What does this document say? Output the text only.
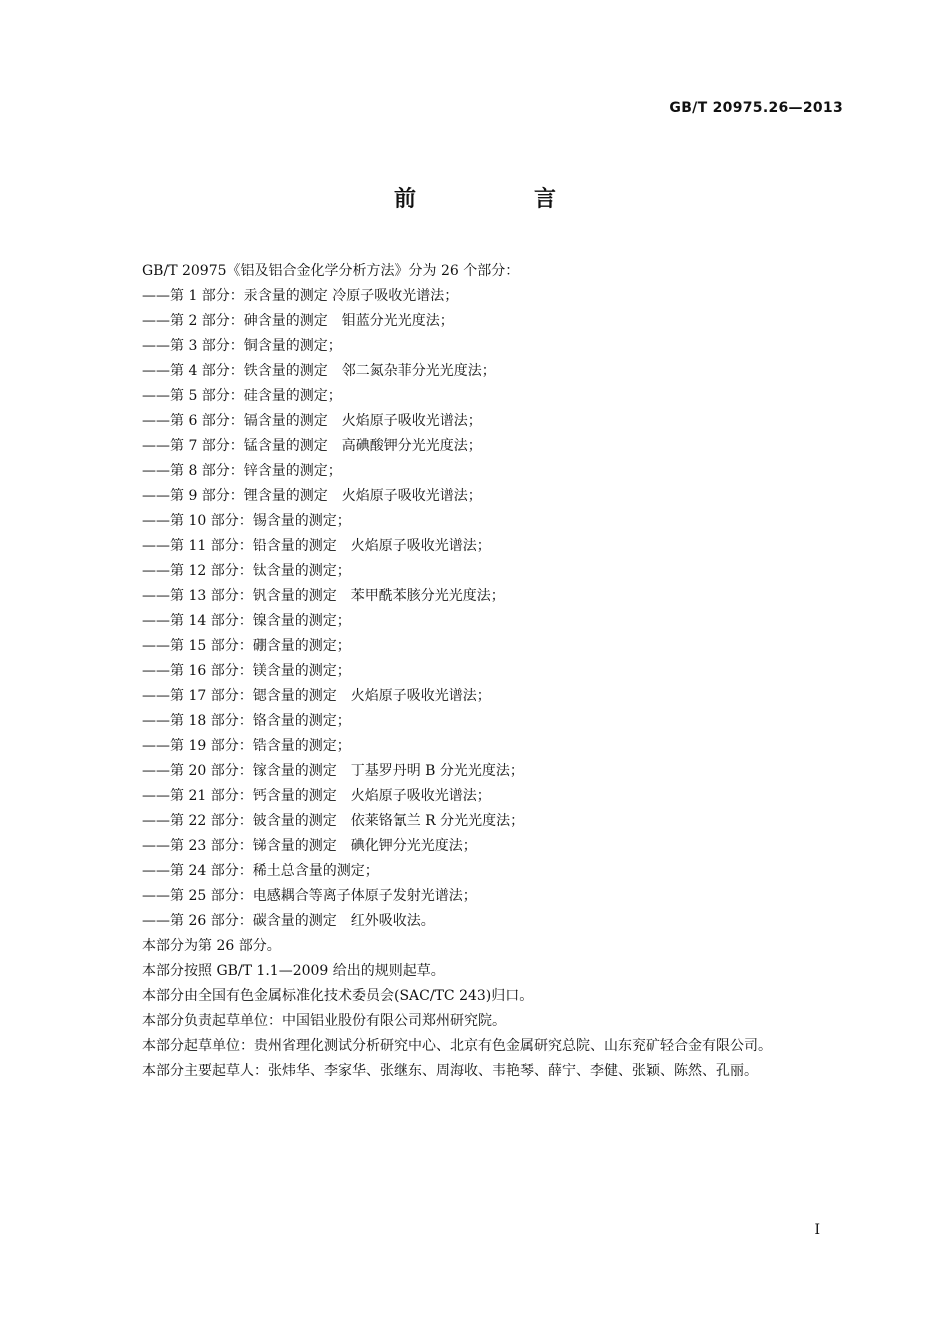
GB/T 20975.26—2013
前　言
GB/T 20975《铝及铝合金化学分析方法》分为 26 个部分：
——第 1 部分：汞含量的测定 冷原子吸收光谱法；
——第 2 部分：砷含量的测定　钼蓝分光光度法；
——第 3 部分：铜含量的测定；
——第 4 部分：铁含量的测定　邻二氮杂菲分光光度法；
——第 5 部分：硅含量的测定；
——第 6 部分：镉含量的测定　火焰原子吸收光谱法；
——第 7 部分：锰含量的测定　高碘酸钾分光光度法；
——第 8 部分：锌含量的测定；
——第 9 部分：锂含量的测定　火焰原子吸收光谱法；
——第 10 部分：锡含量的测定；
——第 11 部分：铅含量的测定　火焰原子吸收光谱法；
——第 12 部分：钛含量的测定；
——第 13 部分：钒含量的测定　苯甲酰苯胲分光光度法；
——第 14 部分：镍含量的测定；
——第 15 部分：硼含量的测定；
——第 16 部分：镁含量的测定；
——第 17 部分：锶含量的测定　火焰原子吸收光谱法；
——第 18 部分：铬含量的测定；
——第 19 部分：锆含量的测定；
——第 20 部分：镓含量的测定　丁基罗丹明 B 分光光度法；
——第 21 部分：钙含量的测定　火焰原子吸收光谱法；
——第 22 部分：铍含量的测定　依莱铬氰兰 R 分光光度法；
——第 23 部分：锑含量的测定　碘化钾分光光度法；
——第 24 部分：稀土总含量的测定；
——第 25 部分：电感耦合等离子体原子发射光谱法；
——第 26 部分：碳含量的测定　红外吸收法。
本部分为第 26 部分。
本部分按照 GB/T 1.1—2009 给出的规则起草。
本部分由全国有色金属标准化技术委员会(SAC/TC 243)归口。
本部分负责起草单位：中国铝业股份有限公司郑州研究院。
本部分起草单位：贵州省理化测试分析研究中心、北京有色金属研究总院、山东兖矿轻合金有限公司。
本部分主要起草人：张炜华、李家华、张继东、周海收、韦艳琴、薛宁、李健、张颖、陈然、孔丽。
I
